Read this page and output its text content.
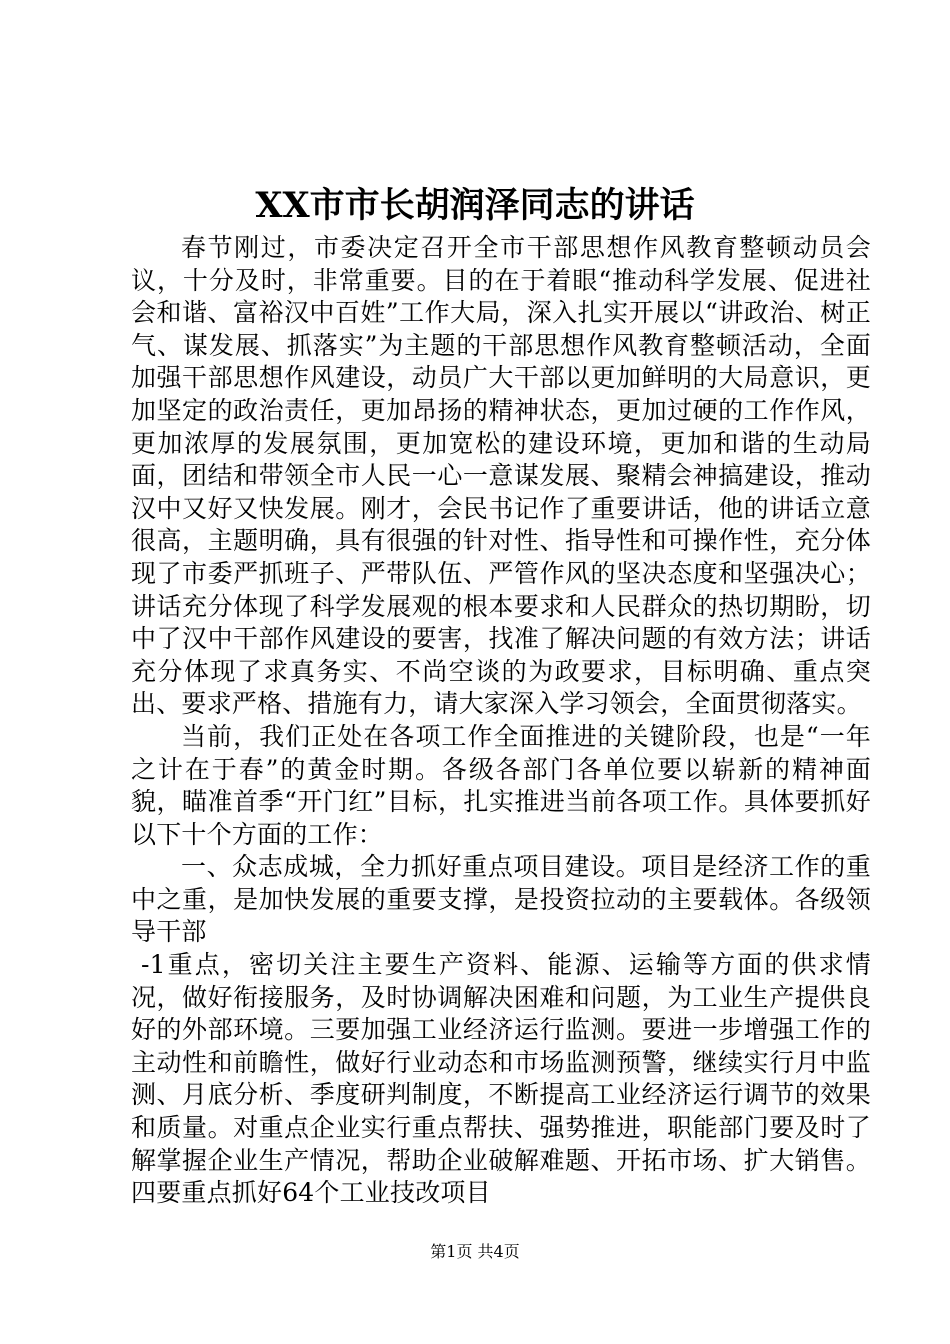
XX市市长胡润泽同志的讲话

春节刚过，市委决定召开全市干部思想作风教育整顿动员会议，十分及时，非常重要。目的在于着眼“推动科学发展、促进社会和谐、富裕汉中百姓”工作大局，深入扎实开展以“讲政治、树正气、谋发展、抓落实”为主题的干部思想作风教育整顿活动，全面加强干部思想作风建设，动员广大干部以更加鲜明的大局意识，更加坚定的政治责任，更加昂扬的精神状态，更加过硬的工作作风，更加浓厚的发展氛围，更加宽松的建设环境，更加和谐的生动局面，团结和带领全市人民一心一意谋发展、聚精会神搞建设，推动汉中又好又快发展。刚才，会民书记作了重要讲话，他的讲话立意很高，主题明确，具有很强的针对性、指导性和可操作性，充分体现了市委严抓班子、严带队伍、严管作风的坚决态度和坚强决心；讲话充分体现了科学发展观的根本要求和人民群众的热切期盼，切中了汉中干部作风建设的要害，找准了解决问题的有效方法；讲话充分体现了求真务实、不尚空谈的为政要求，目标明确、重点突出、要求严格、措施有力，请大家深入学习领会，全面贯彻落实。

当前，我们正处在各项工作全面推进的关键阶段，也是“一年之计在于春”的黄金时期。各级各部门各单位要以崭新的精神面貌，瞄准首季“开门红”目标，扎实推进当前各项工作。具体要抓好以下十个方面的工作：

一、众志成城，全力抓好重点项目建设。项目是经济工作的重中之重，是加快发展的重要支撑，是投资拉动的主要载体。各级领导干部

-1重点，密切关注主要生产资料、能源、运输等方面的供求情况，做好衔接服务，及时协调解决困难和问题，为工业生产提供良好的外部环境。三要加强工业经济运行监测。要进一步增强工作的主动性和前瞻性，做好行业动态和市场监测预警，继续实行月中监测、月底分析、季度研判制度，不断提高工业经济运行调节的效果和质量。对重点企业实行重点帮扶、强势推进，职能部门要及时了解掌握企业生产情况，帮助企业破解难题、开拓市场、扩大销售。四要重点抓好64个工业技改项目

第1页 共4页
